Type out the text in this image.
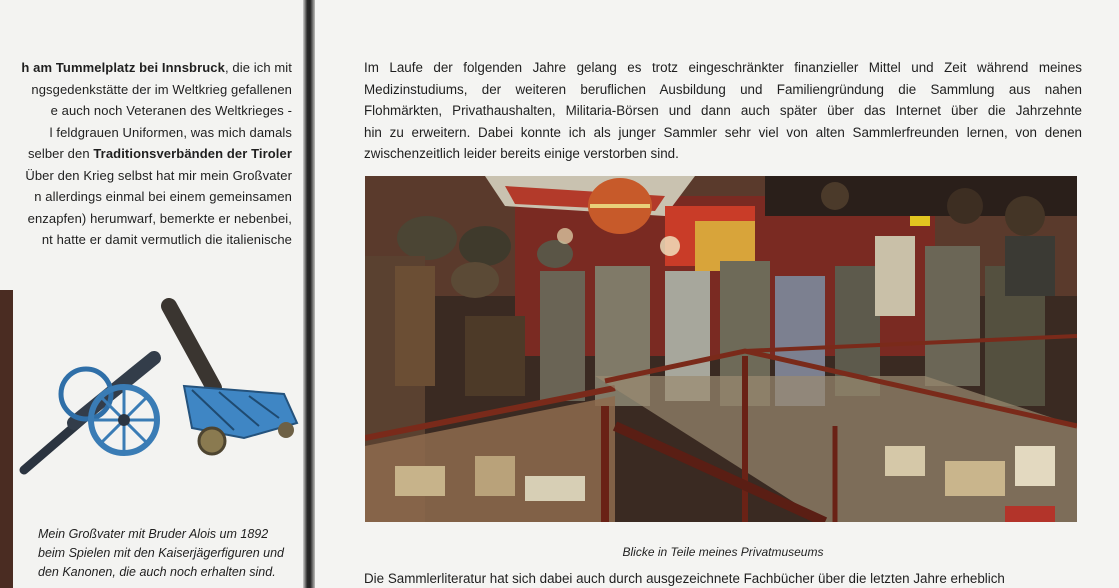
h am Tummelplatz bei Innsbruck, die ich mit
ngsgedenkstätte der im Weltkrieg gefallenen
e auch noch Veteranen des Weltkrieges -
l feldgrauen Uniformen, was mich damals
selber den Traditionsverbänden der Tiroler
Über den Krieg selbst hat mir mein Großvater
n allerdings einmal bei einem gemeinsamen
enzapfen) herumwarf, bemerkte er nebenbei,
nt hatte er damit vermutlich die italienische
Mein Großvater mit Bruder Alois um 1892
beim Spielen mit den Kaiserjägerfiguren und
den Kanonen, die auch noch erhalten sind.
Im Laufe der folgenden Jahre gelang es trotz eingeschränkter finanzieller Mittel und Zeit während meines
Medizinstudiums, der weiteren beruflichen Ausbildung und Familiengründung die Sammlung aus nahen
Flohmärkten, Privathaushalten, Militaria-Börsen und dann auch später über das Internet über die Jahrzehnte
hin zu erweitern. Dabei konnte ich als junger Sammler sehr viel von alten Sammlerfreunden lernen, von denen
zwischenzeitlich leider bereits einige verstorben sind.
Blicke in Teile meines Privatmuseums
Die Sammlerliteratur hat sich dabei auch durch ausgezeichnete Fachbücher über die letzten Jahre erheblich
